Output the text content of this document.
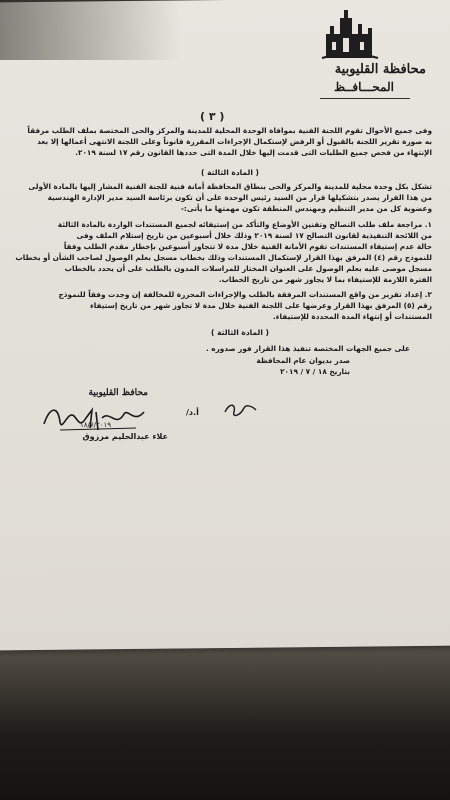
محافظة القليوبية
المحـــافــظ
( ٣ )
وفى جميع الأحوال تقوم اللجنة الفنية بموافاة الوحدة المحلية للمدينة والمركز والحى المختصة بملف الطلب مرفقاً
به صورة تقرير اللجنة بالقبول أو الرفض لإستكمال الإجراءات المقررة قانوناً وعلى اللجنة الانتهى أعمالها إلا بعد
الإنتهاء من فحص جميع الطلبات التى قدمت إليها خلال المدة التى حددها القانون رقم ١٧ لسنة ٢٠١٩.
( المادة الثالثة )
تشكل بكل وحدة محلية للمدينة والمركز والحى بنطاق المحافظة أمانة فنية للجنة الفنية المشار إليها بالمادة الأولى
من هذا القرار يصدر بتشكيلها قرار من السيد رئيس الوحدة على أن تكون برئاسة السيد مدير الإدارة الهندسية
وعضوية كل من مدير التنظيم ومهندس المنطقة تكون مهمتها ما يأتى:-
١. مراجعة ملف طلب التصالح وتقنين الأوضاع والتأكد من إستيفائه لجميع المستندات الواردة بالمادة الثالثة
من اللائحة التنفيذية لقانون التصالح ١٧ لسنة ٢٠١٩ وذلك خلال أسبوعين من تاريخ إستلام الملف وفى
حالة عدم إستيفاء المستندات تقوم الأمانة الفنية خلال مدة لا تتجاوز أسبوعين بإخطار مقدم الطلب وفقاً
للنموذج رقم (٤) المرفق بهذا القرار لإستكمال المستندات وذلك بخطاب مسجل بعلم الوصول لصاحب الشأن أو بخطاب
مسجل موصى عليه بعلم الوصول على العنوان المختار للمراسلات المدون بالطلب على أن يحدد بالخطاب
الفترة اللازمة للإستيفاء بما لا يجاوز شهر من تاريخ الخطاب.
٢. إعداد تقرير من واقع المستندات المرفقة بالطلب والإجراءات المحررة للمخالفة إن وجدت وفقاً للنموذج
رقم (٥) المرفق بهذا القرار وعرضها على اللجنة الفنية خلال مدة لا تجاوز شهر من تاريخ إستيفاء
المستندات أو إنتهاء المدة المحددة للإستيفاء.
( المادة الثالثة )
على جميع الجهات المختصة تنفيذ هذا القرار فور صدوره .
صدر بديوان عام المحافظة
بتاريخ ١٨ / ٧ / ٢٠١٩
محافظ القليوبية
أ.د/
علاء عبدالحليم مرزوق
١٨/٧/٢٠١٩
